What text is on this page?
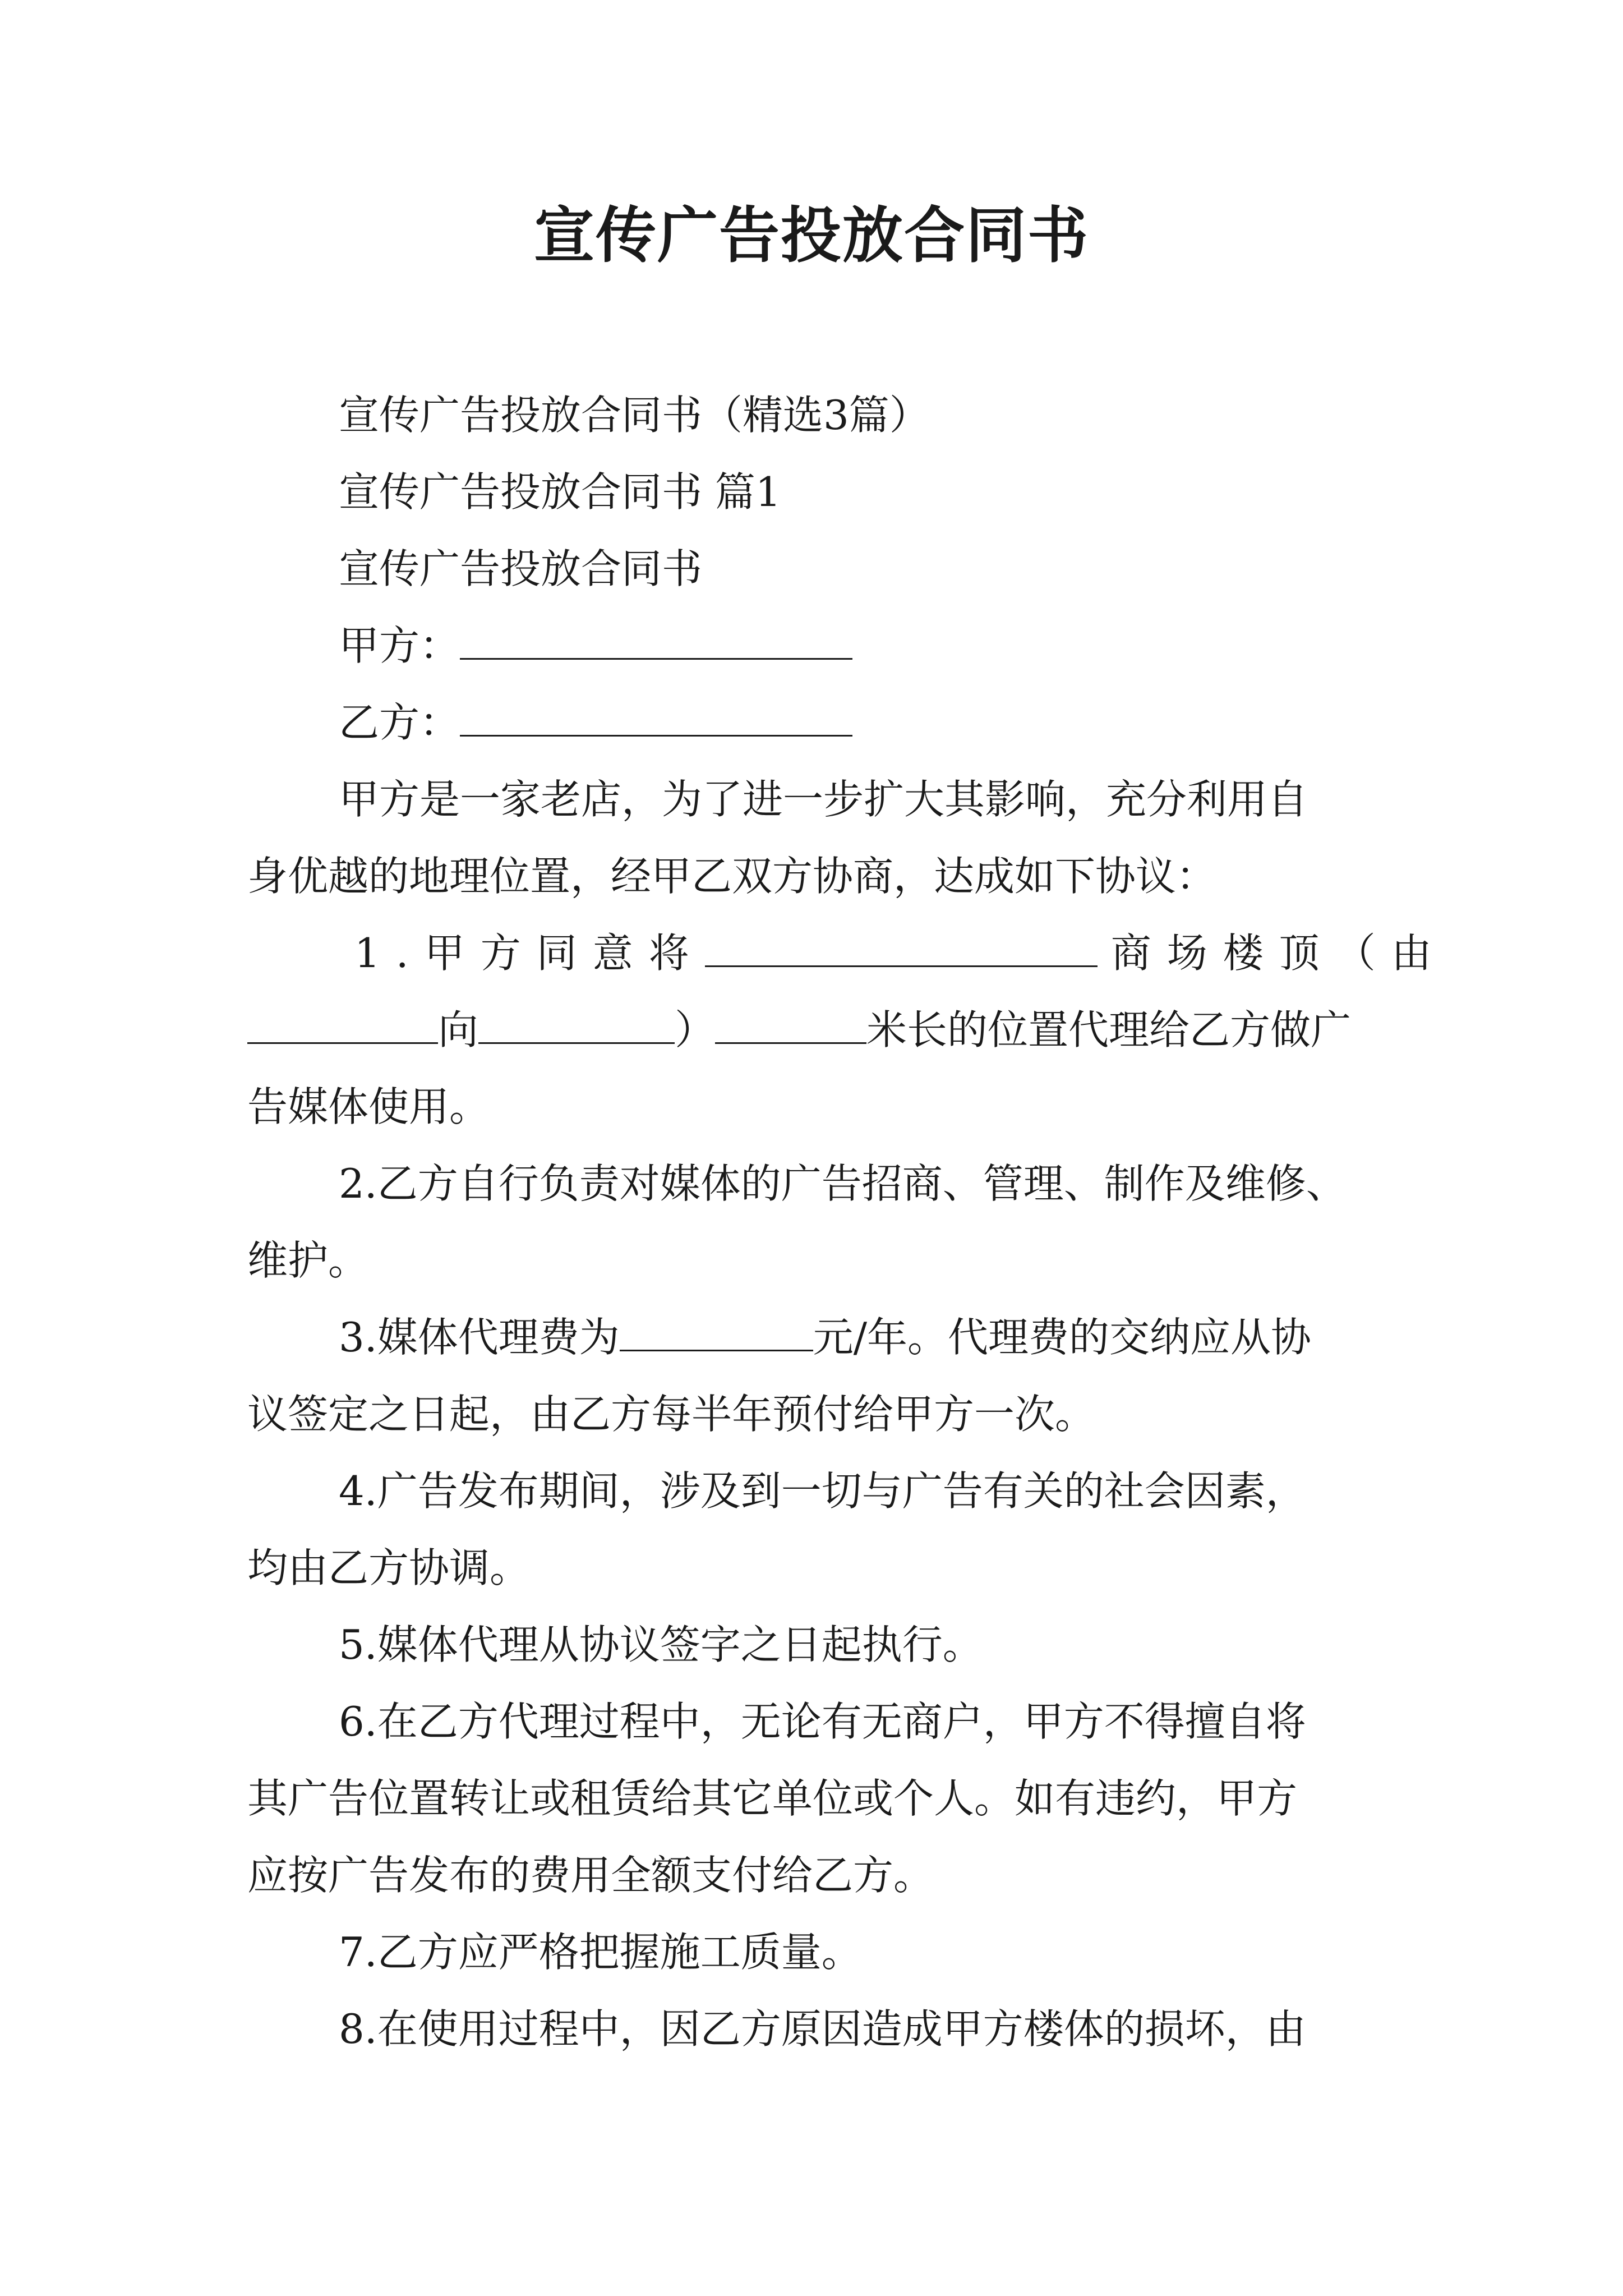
宣传广告投放合同书
宣传广告投放合同书（精选3篇）
宣传广告投放合同书 篇1
宣传广告投放合同书
甲方：
乙方：
甲方是一家老店，为了进一步扩大其影响，充分利用自
身优越的地理位置，经甲乙双方协商，达成如下协议：
1.甲方同意将	商场楼顶（由
向	）	米长的位置代理给乙方做广
告媒体使用。
2.乙方自行负责对媒体的广告招商、管理、制作及维修、
维护。
3.媒体代理费为	元/年。代理费的交纳应从协
议签定之日起，由乙方每半年预付给甲方一次。
4.广告发布期间，涉及到一切与广告有关的社会因素，
均由乙方协调。
5.媒体代理从协议签字之日起执行。
6.在乙方代理过程中，无论有无商户，甲方不得擅自将
其广告位置转让或租赁给其它单位或个人。如有违约，甲方
应按广告发布的费用全额支付给乙方。
7.乙方应严格把握施工质量。
8.在使用过程中，因乙方原因造成甲方楼体的损坏，由
